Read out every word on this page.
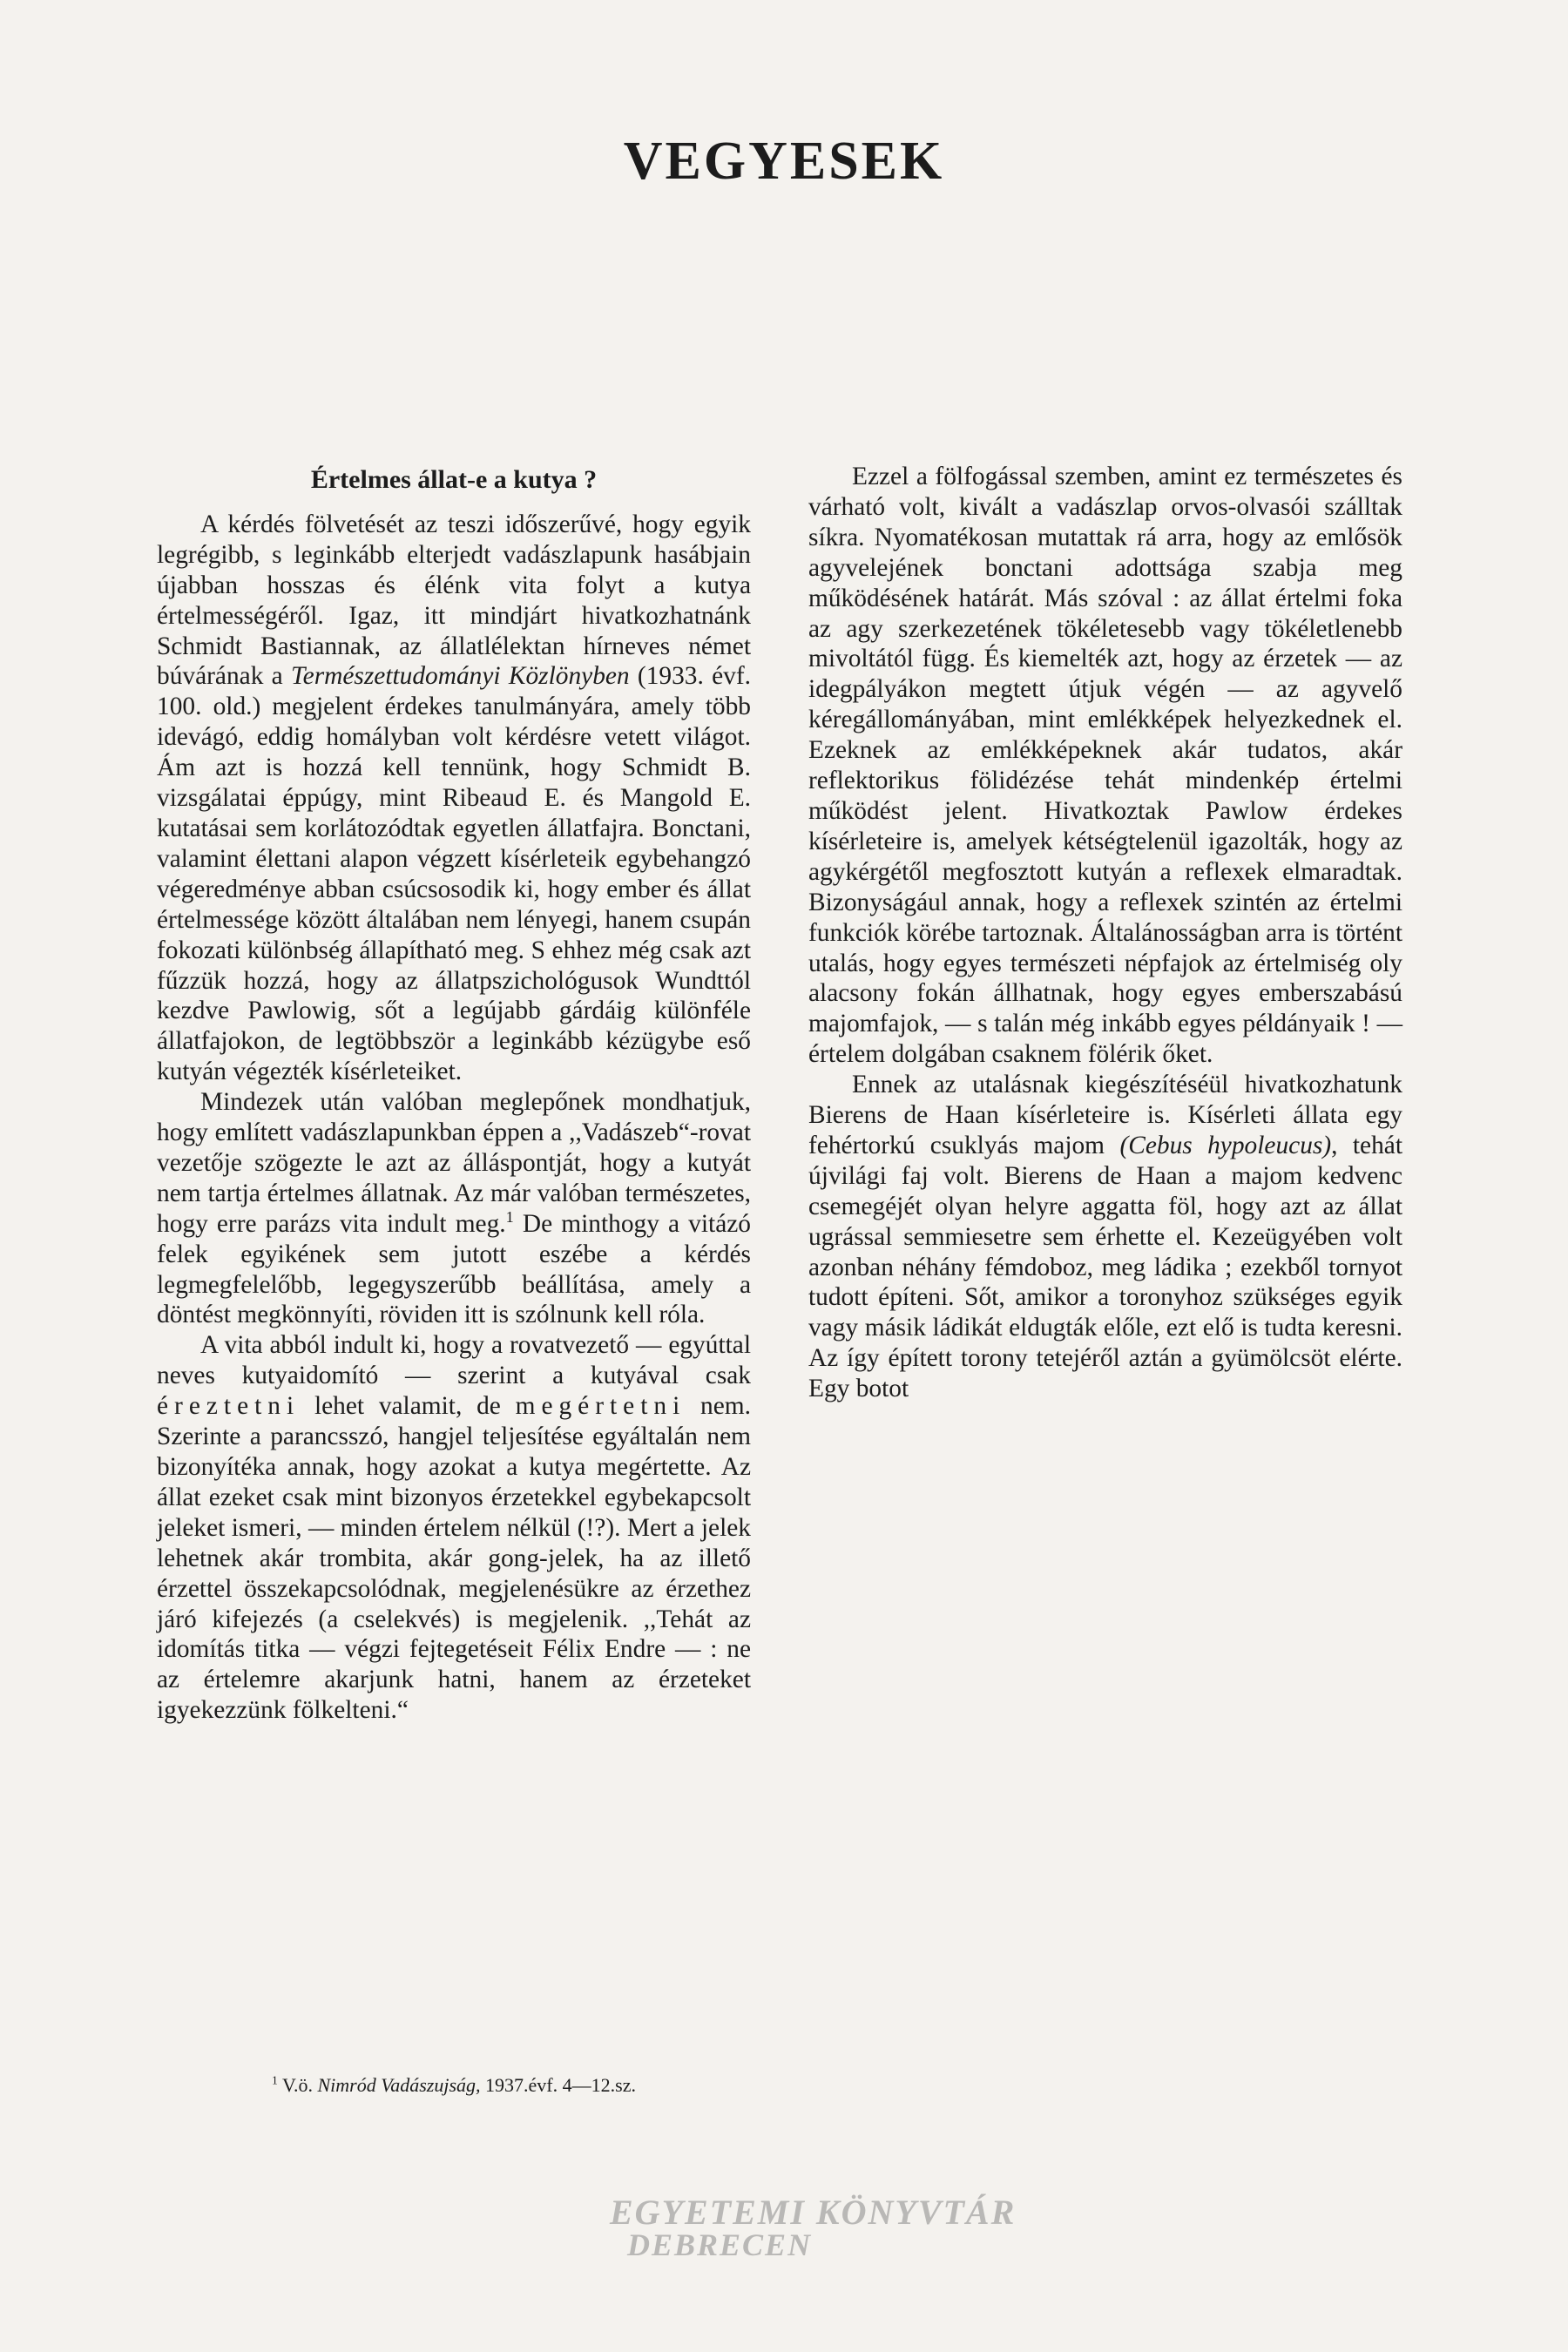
VEGYESEK
Értelmes állat-e a kutya ?

A kérdés fölvetését az teszi időszerűvé, hogy egyik legrégibb, s leginkább elterjedt vadászlapunk hasábjain újabban hosszas és élénk vita folyt a kutya értelmességéről. Igaz, itt mindjárt hivatkozhatnánk Schmidt Bastiannak, az állatlélektan hírneves német búvárának a Természettudományi Közlönyben (1933. évf. 100. old.) megjelent érdekes tanulmányára, amely több idevágó, eddig homályban volt kérdésre vetett világot. Ám azt is hozzá kell tennünk, hogy Schmidt B. vizsgálatai éppúgy, mint Ribeaud E. és Mangold E. kutatásai sem korlátozódtak egyetlen állatfajra. Bonctani, valamint élettani alapon végzett kísérleteik egybehangzó végeredménye abban csúcsosodik ki, hogy ember és állat értelmessége között általában nem lényegi, hanem csupán fokozati különbség állapítható meg. S ehhez még csak azt fűzzük hozzá, hogy az állatpszichológusok Wundttól kezdve Pawlowig, sőt a legújabb gárdáig különféle állatfajokon, de legtöbbször a leginkább kézügybe eső kutyán végezték kísérleteiket.

Mindezek után valóban meglepőnek mondhatjuk, hogy említett vadászlapunkban éppen a ,,Vadászeb“-rovat vezetője szögezte le azt az álláspontját, hogy a kutyát nem tartja értelmes állatnak. Az már valóban természetes, hogy erre parázs vita indult meg.$^1$ De minthogy a vitázó felek egyikének sem jutott eszébe a kérdés legmegfelelőbb, legegyszerűbb beállítása, amely a döntést megkönnyíti, röviden itt is szólnunk kell róla.

A vita abból indult ki, hogy a rovatvezető — egyúttal neves kutyaidomító — szerint a kutyával csak éreztetni lehet valamit, de megértetni nem. Szerinte a parancsszó, hangjel teljesítése egyáltalán nem bizonyítéka annak, hogy azokat a kutya megértette. Az állat ezeket csak mint bizonyos érzetekkel egybekapcsolt jeleket ismeri, — minden értelem nélkül (!?). Mert a jelek lehetnek akár trombita, akár gong-jelek, ha az illető érzettel összekapcsolódnak, megjelenésükre az érzethez járó kifejezés (a cselekvés) is megjelenik. ,,Tehát az idomítás titka — végzi fejtegetéseit Félix Endre — : ne az értelemre akarjunk hatni, hanem az érzeteket igyekezzünk fölkelteni.“

$^1$ V.ö. Nimród Vadászujság, 1937.évf. 4—12.sz.

Ezzel a fölfogással szemben, amint ez természetes és várható volt, kivált a vadászlap orvos-olvasói szálltak síkra. Nyomatékosan mutattak rá arra, hogy az emlősök agyvelejének bonctani adottsága szabja meg működésének határát. Más szóval : az állat értelmi foka az agy szerkezetének tökéletesebb vagy tökéletlenebb mivoltától függ. És kiemelték azt, hogy az érzetek — az idegpályákon megtett útjuk végén — az agyvelő kéregállományában, mint emlékképek helyezkednek el. Ezeknek az emlékképeknek akár tudatos, akár reflektorikus fölidézése tehát mindenkép értelmi működést jelent. Hivatkoztak Pawlow érdekes kísérleteire is, amelyek kétségtelenül igazolták, hogy az agykérgétől megfosztott kutyán a reflexek elmaradtak. Bizonyságául annak, hogy a reflexek szintén az értelmi funkciók körébe tartoznak. Általánosságban arra is történt utalás, hogy egyes természeti népfajok az értelmiség oly alacsony fokán állhatnak, hogy egyes emberszabású majomfajok, — s talán még inkább egyes példányaik ! — értelem dolgában csaknem fölérik őket.

Ennek az utalásnak kiegészítéséül hivatkozhatunk Bierens de Haan kísérleteire is. Kísérleti állata egy fehértorkú csuklyás majom (Cebus hypoleucus), tehát újvilági faj volt. Bierens de Haan a majom kedvenc csemegéjét olyan helyre aggatta föl, hogy azt az állat ugrással semmiesetre sem érhette el. Kezeügyében volt azonban néhány fémdoboz, meg ládika ; ezekből tornyot tudott építeni. Sőt, amikor a toronyhoz szükséges egyik vagy másik ládikát eldugták előle, ezt elő is tudta keresni. Az így épített torony tetejéről aztán a gyümölcsöt elérte. Egy botot

EGYETEMI KÖNYVTÁR
DEBRECEN
